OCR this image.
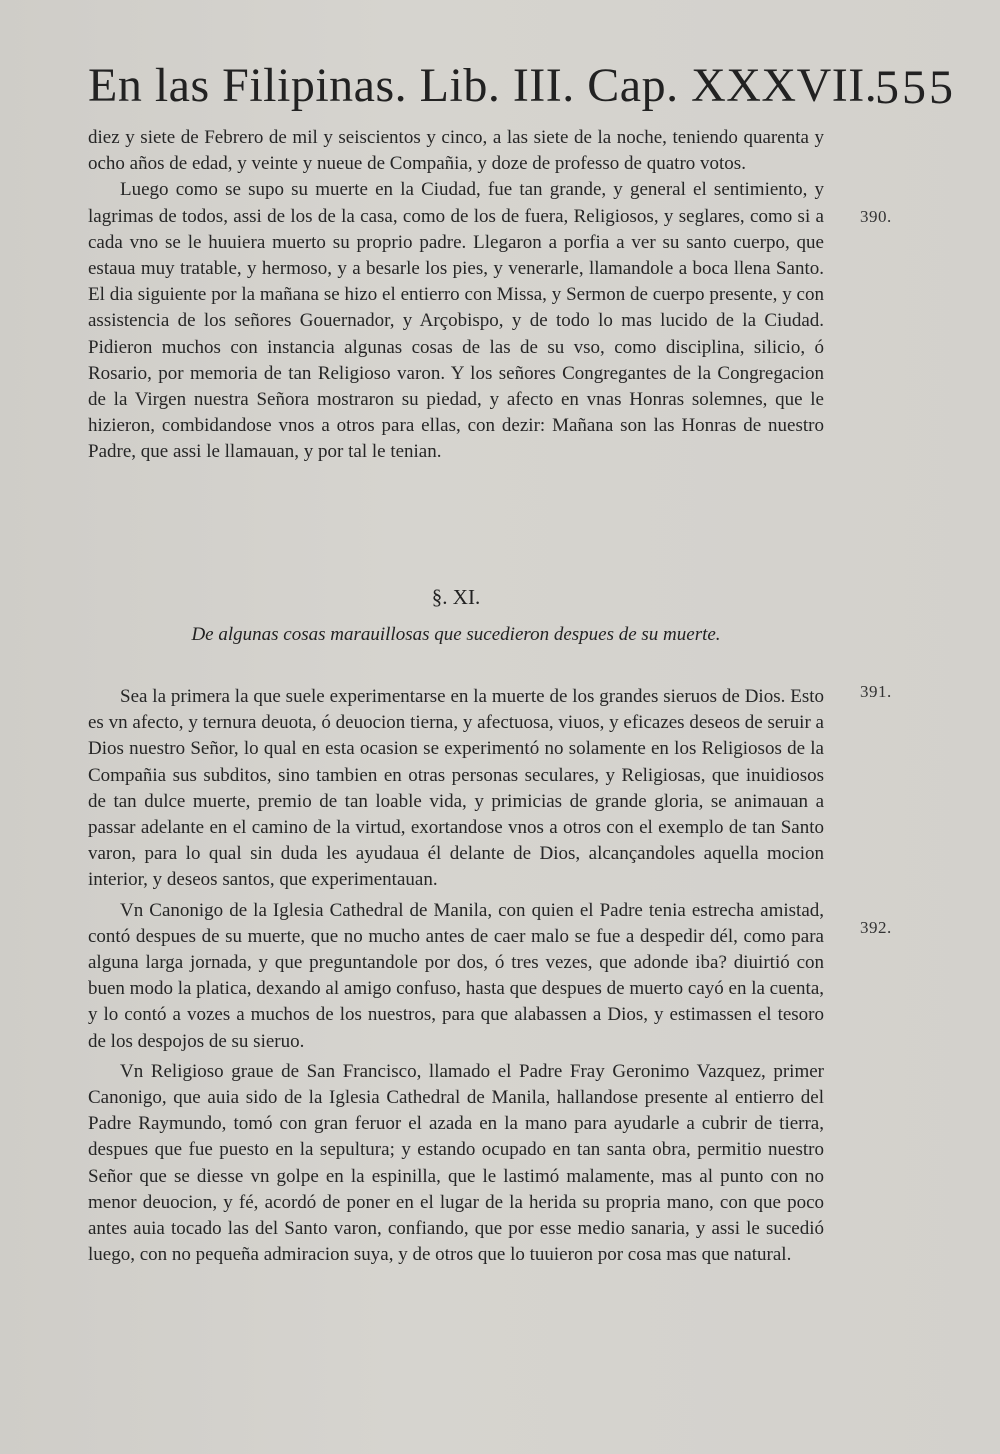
En las Filipinas. Lib. III. Cap. XXXVII.
555

diez y siete de Febrero de mil y seiscientos y cinco, a las siete de la noche, teniendo quarenta y ocho años de edad, y veinte y nueue de Compañia, y doze de professo de quatro votos.

Luego como se supo su muerte en la Ciudad, fue tan grande, y general el sentimiento, y lagrimas de todos, assi de los de la casa, como de los de fuera, Religiosos, y seglares, como si a cada vno se le huuiera muerto su proprio padre. Llegaron a porfia a ver su santo cuerpo, que estaua muy tratable, y hermoso, y a besarle los pies, y venerarle, llamandole a boca llena Santo. El dia siguiente por la mañana se hizo el entierro con Missa, y Sermon de cuerpo presente, y con assistencia de los señores Gouernador, y Arçobispo, y de todo lo mas lucido de la Ciudad. Pidieron muchos con instancia algunas cosas de las de su vso, como disciplina, silicio, ó Rosario, por memoria de tan Religioso varon. Y los señores Congregantes de la Congregacion de la Virgen nuestra Señora mostraron su piedad, y afecto en vnas Honras solemnes, que le hizieron, combidandose vnos a otros para ellas, con dezir: Mañana son las Honras de nuestro Padre, que assi le llamauan, y por tal le tenian.

390.
§. XI.
De algunas cosas marauillosas que sucedieron despues de su muerte.

Sea la primera la que suele experimentarse en la muerte de los grandes sieruos de Dios. Esto es vn afecto, y ternura deuota, ó deuocion tierna, y afectuosa, viuos, y eficazes deseos de seruir a Dios nuestro Señor, lo qual en esta ocasion se experimentó no solamente en los Religiosos de la Compañia sus subditos, sino tambien en otras personas seculares, y Religiosas, que inuidiosos de tan dulce muerte, premio de tan loable vida, y primicias de grande gloria, se animauan a passar adelante en el camino de la virtud, exortandose vnos a otros con el exemplo de tan Santo varon, para lo qual sin duda les ayudaua él delante de Dios, alcançandoles aquella mocion interior, y deseos santos, que experimentauan.

Vn Canonigo de la Iglesia Cathedral de Manila, con quien el Padre tenia estrecha amistad, contó despues de su muerte, que no mucho antes de caer malo se fue a despedir dél, como para alguna larga jornada, y que preguntandole por dos, ó tres vezes, que adonde iba? diuirtió con buen modo la platica, dexando al amigo confuso, hasta que despues de muerto cayó en la cuenta, y lo contó a vozes a muchos de los nuestros, para que alabassen a Dios, y estimassen el tesoro de los despojos de su sieruo.

Vn Religioso graue de San Francisco, llamado el Padre Fray Geronimo Vazquez, primer Canonigo, que auia sido de la Iglesia Cathedral de Manila, hallandose presente al entierro del Padre Raymundo, tomó con gran feruor el azada en la mano para ayudarle a cubrir de tierra, despues que fue puesto en la sepultura; y estando ocupado en tan santa obra, permitio nuestro Señor que se diesse vn golpe en la espinilla, que le lastimó malamente, mas al punto con no menor deuocion, y fé, acordó de poner en el lugar de la herida su propria mano, con que poco antes auia tocado las del Santo varon, confiando, que por esse medio sanaria, y assi le sucedió luego, con no pequeña admiracion suya, y de otros que lo tuuieron por cosa mas que natural.

391.
392.
